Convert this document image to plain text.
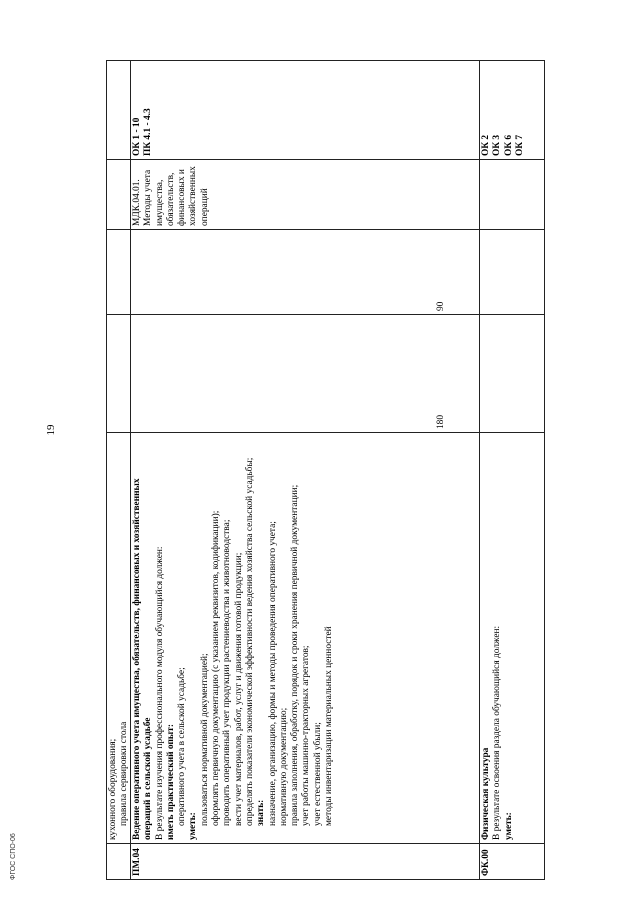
19
кухонного оборудования; правила сервировки стола
ПМ.04
Ведение оперативного учета имущества, обязательств, финансовых и хозяйственных операций в сельской усадьбе В результате изучения профессионального модуля обучающийся должен: иметь практический опыт: оперативного учета в сельской усадьбе;
уметь:
пользоваться нормативной документацией; оформлять первичную документацию (с указанием реквизитов, кодификации); проводить оперативный учет продукции растениеводства и животноводства; вести учет материалов, работ, услуг и движения готовой продукции; определять показатели экономической эффективности ведения хозяйства сельской усадьбы; знать: назначение, организацию, формы и методы проведения оперативного учета; нормативную документацию; правила заполнения, обработку, порядок и сроки хранения первичной документации; учет работы машинно-тракторных агрегатов; учет естественной убыли; методы инвентаризации материальных ценностей
180
90
МДК.04.01. Методы учета имущества, обязательств, финансовых и хозяйственных операций
ОК 1 - 10 ПК 4.1 - 4.3
ФК.00
Физическая культура В результате освоения раздела обучающийся должен: уметь:
ОК 2 ОК 3 ОК 6 ОК 7
ФГОС СПО-06
